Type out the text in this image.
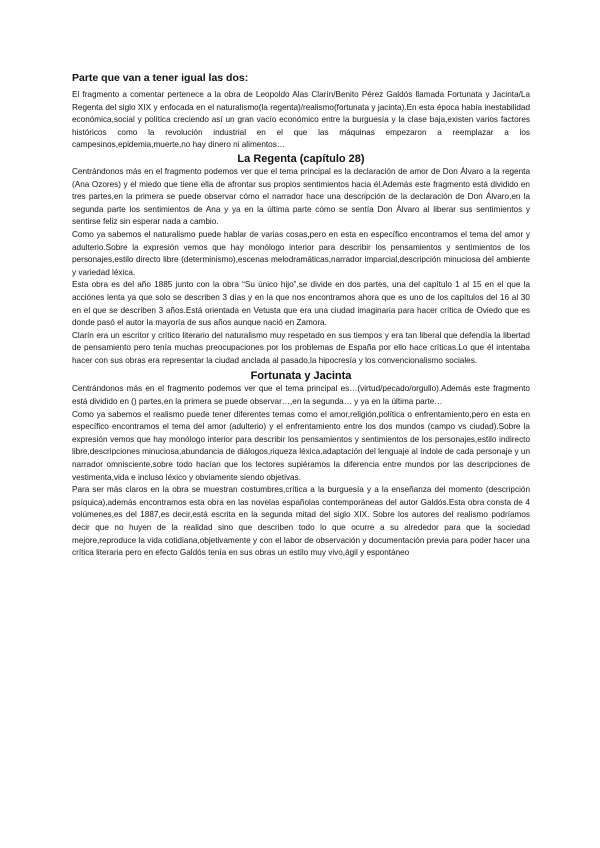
Parte que van a tener igual las dos:

El fragmento a comentar pertenece a la obra de Leopoldo Alas Clarín/Benito Pérez Galdós llamada Fortunata y Jacinta/La Regenta del siglo XIX y enfocada en el naturalismo(la regenta)/realismo(fortunata y jacinta).En esta época había inestabilidad económica,social y política creciendo así un gran vacío económico entre la burguesía y la clase baja,existen varios factores históricos como la revolución industrial en el que las máquinas empezaron a reemplazar a los campesinos,epidemia,muerte,no hay dinero ni alimentos…

La Regenta (capítulo 28)

Centrándonos más en el fragmento podemos ver que el tema principal es la declaración de amor de Don Álvaro a la regenta (Ana Ozores) y el miedo que tiene ella de afrontar sus propios sentimientos hacia él.Además este fragmento está dividido en tres partes,en la primera se puede observar cómo el narrador hace una descripción de la declaración de Don Álvaro,en la segunda parte los sentimientos de Ana y ya en la última parte cómo se sentía Don Álvaro al liberar sus sentimientos y sentirse feliz sin esperar nada a cambio.

Como ya sabemos el naturalismo puede hablar de varias cosas,pero en esta en específico encontramos el tema del amor y adulterio.Sobre la expresión vemos que hay monólogo interior para describir los pensamientos y sentimientos de los personajes,estilo directo libre (determinismo),escenas melodramáticas,narrador imparcial,descripción minuciosa del ambiente y variedad léxica.

Esta obra es del año 1885 junto con la obra “Su único hijo”,se divide en dos partes, una del capítulo 1 al 15 en el que la acciónes lenta ya que solo se describen 3 días y en la que nos encontramos ahora que es uno de los capítulos del 16 al 30 en el que se describen 3 años.Está orientada en Vetusta que era una ciudad imaginaria para hacer crítica de Oviedo que es donde pasó el autor la mayoría de sus años aunque nació en Zamora.

Clarín era un escritor y crítico literario del naturalismo muy respetado en sus tiempos y era tan liberal que defendía la libertad de pensamiento pero tenía muchas preocupaciones por los problemas de España por ello hace críticas.Lo que él intentaba hacer con sus obras era representar la ciudad anclada al pasado,la hipocresía y los convencionalismo sociales.

Fortunata y Jacinta

Centrándonos más en el fragmento podemos ver que el tema principal es…(virtud/pecado/orgullo).Además este fragmento está dividido en () partes,en la primera se puede observar…,en la segunda… y ya en la última parte…

Como ya sabemos el realismo puede tener diferentes temas como el amor,religión,política o enfrentamiento,pero en esta en específico encontramos el tema del amor (adulterio) y el enfrentamiento entre los dos mundos (campo vs ciudad).Sobre la expresión vemos que hay monólogo interior para describir los pensamientos y sentimientos de los personajes,estilo indirecto libre,descripciones minuciosa,abundancia de diálogos,riqueza léxica,adaptación del lenguaje al índole de cada personaje y un narrador omnisciente,sobre todo hacían que los lectores supiéramos la diferencia entre mundos por las descripciones de vestimenta,vida e incluso léxico y obviamente siendo objetivas.

Para ser más claros en la obra se muestran costumbres,crítica a la burguesía y a la enseñanza del momento (descripción psíquica),además encontramos esta obra en las novelas españolas contemporáneas del autor Galdós.Esta obra consta de 4 volúmenes,es del 1887,es decir,está escrita en la segunda mitad del siglo XIX. Sobre los autores del realismo podríamos decir que no huyen de la realidad sino que describen todo lo que ocurre a su alrededor para que la sociedad mejore,reproduce la vida cotidiana,objetivamente y con el labor de observación y documentación previa para poder hacer una crítica literaria pero en efecto Galdós tenía en sus obras un estilo muy vivo,ágil y espontáneo
